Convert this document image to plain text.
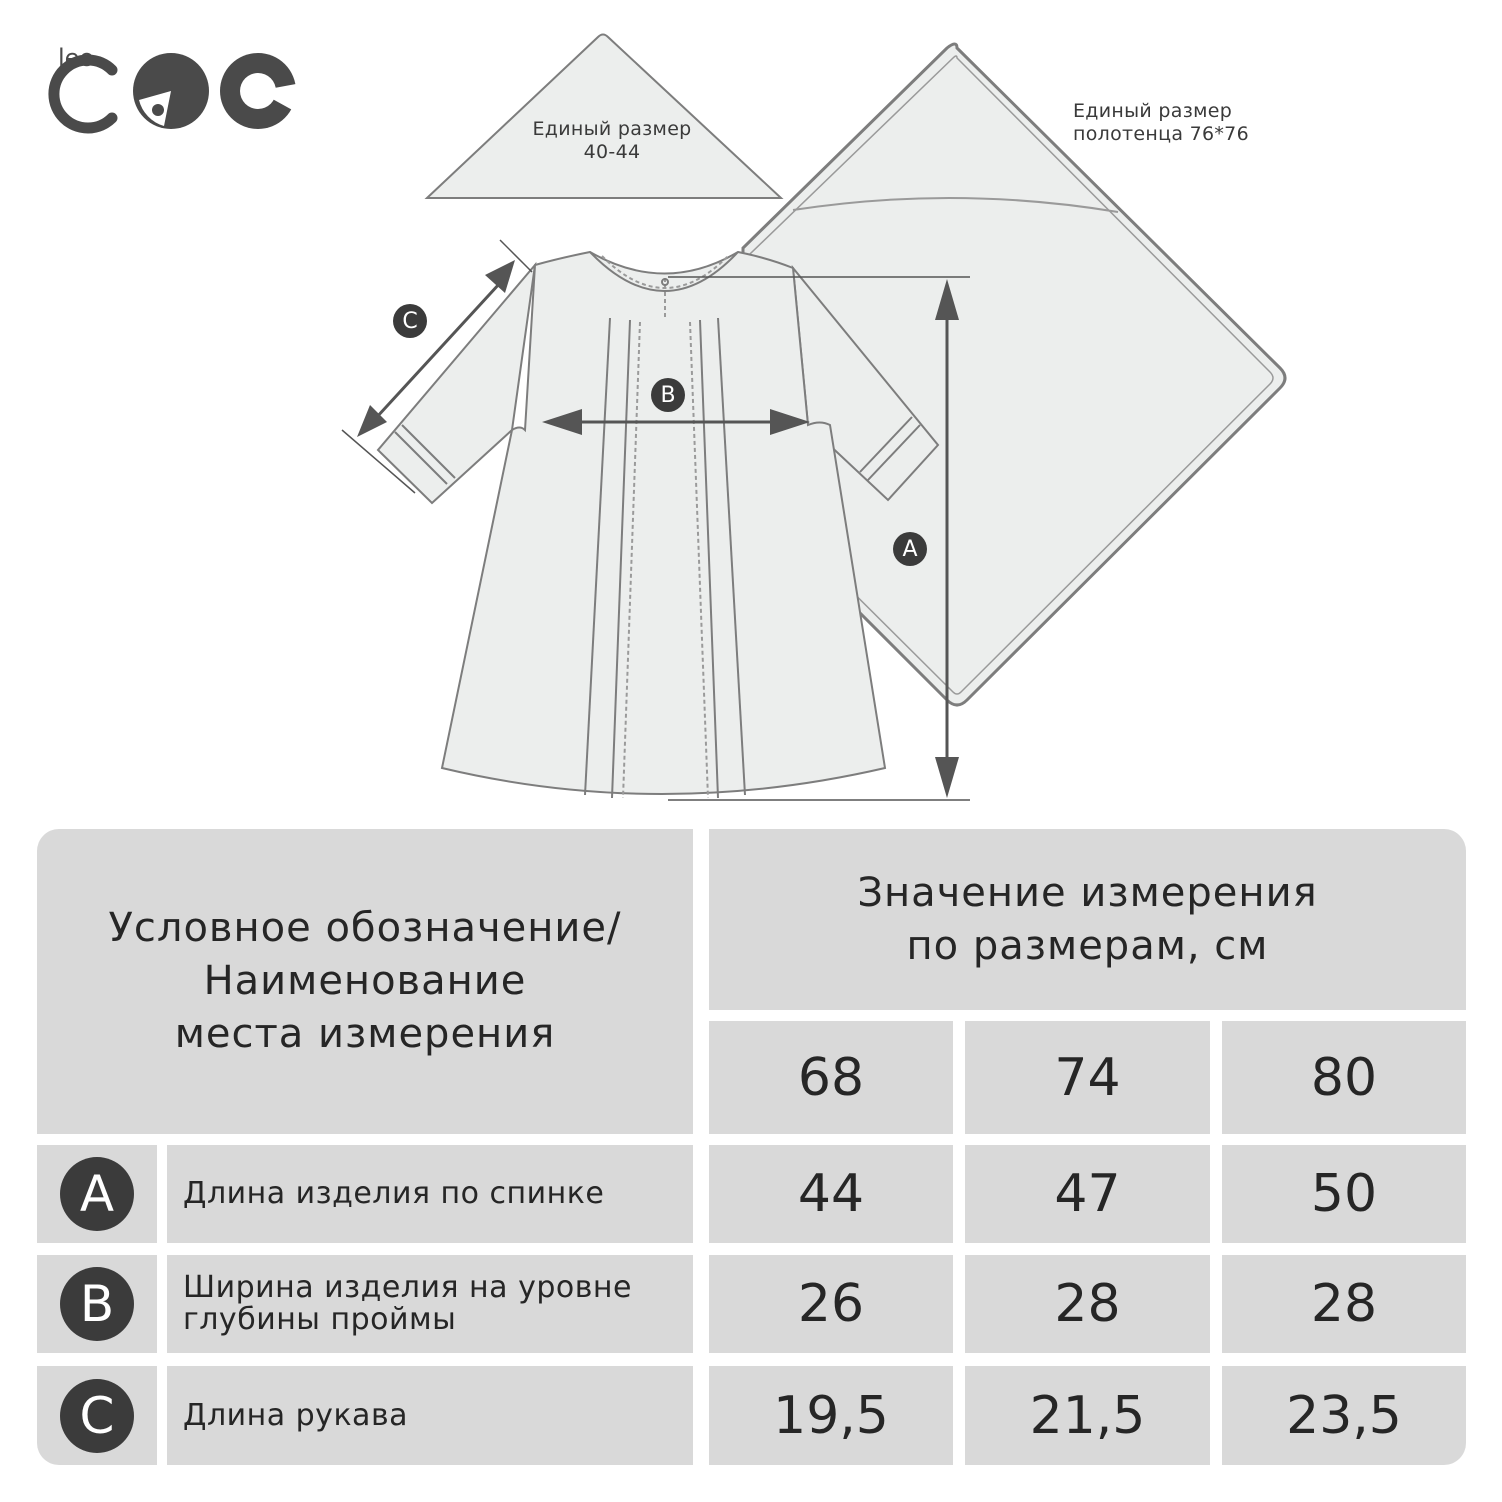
leo
C
B
A
Единый размер
40-44
Единый размер
полотенца 76*76
Условное обозначение/
Наименование
места измерения
Значение измерения
по размерам, см
68	74	80
A Длина изделия по спинке	44	47	50
B Ширина изделия на уровне
глубины проймы	26	28	28
C Длина рукава	19,5	21,5	23,5
